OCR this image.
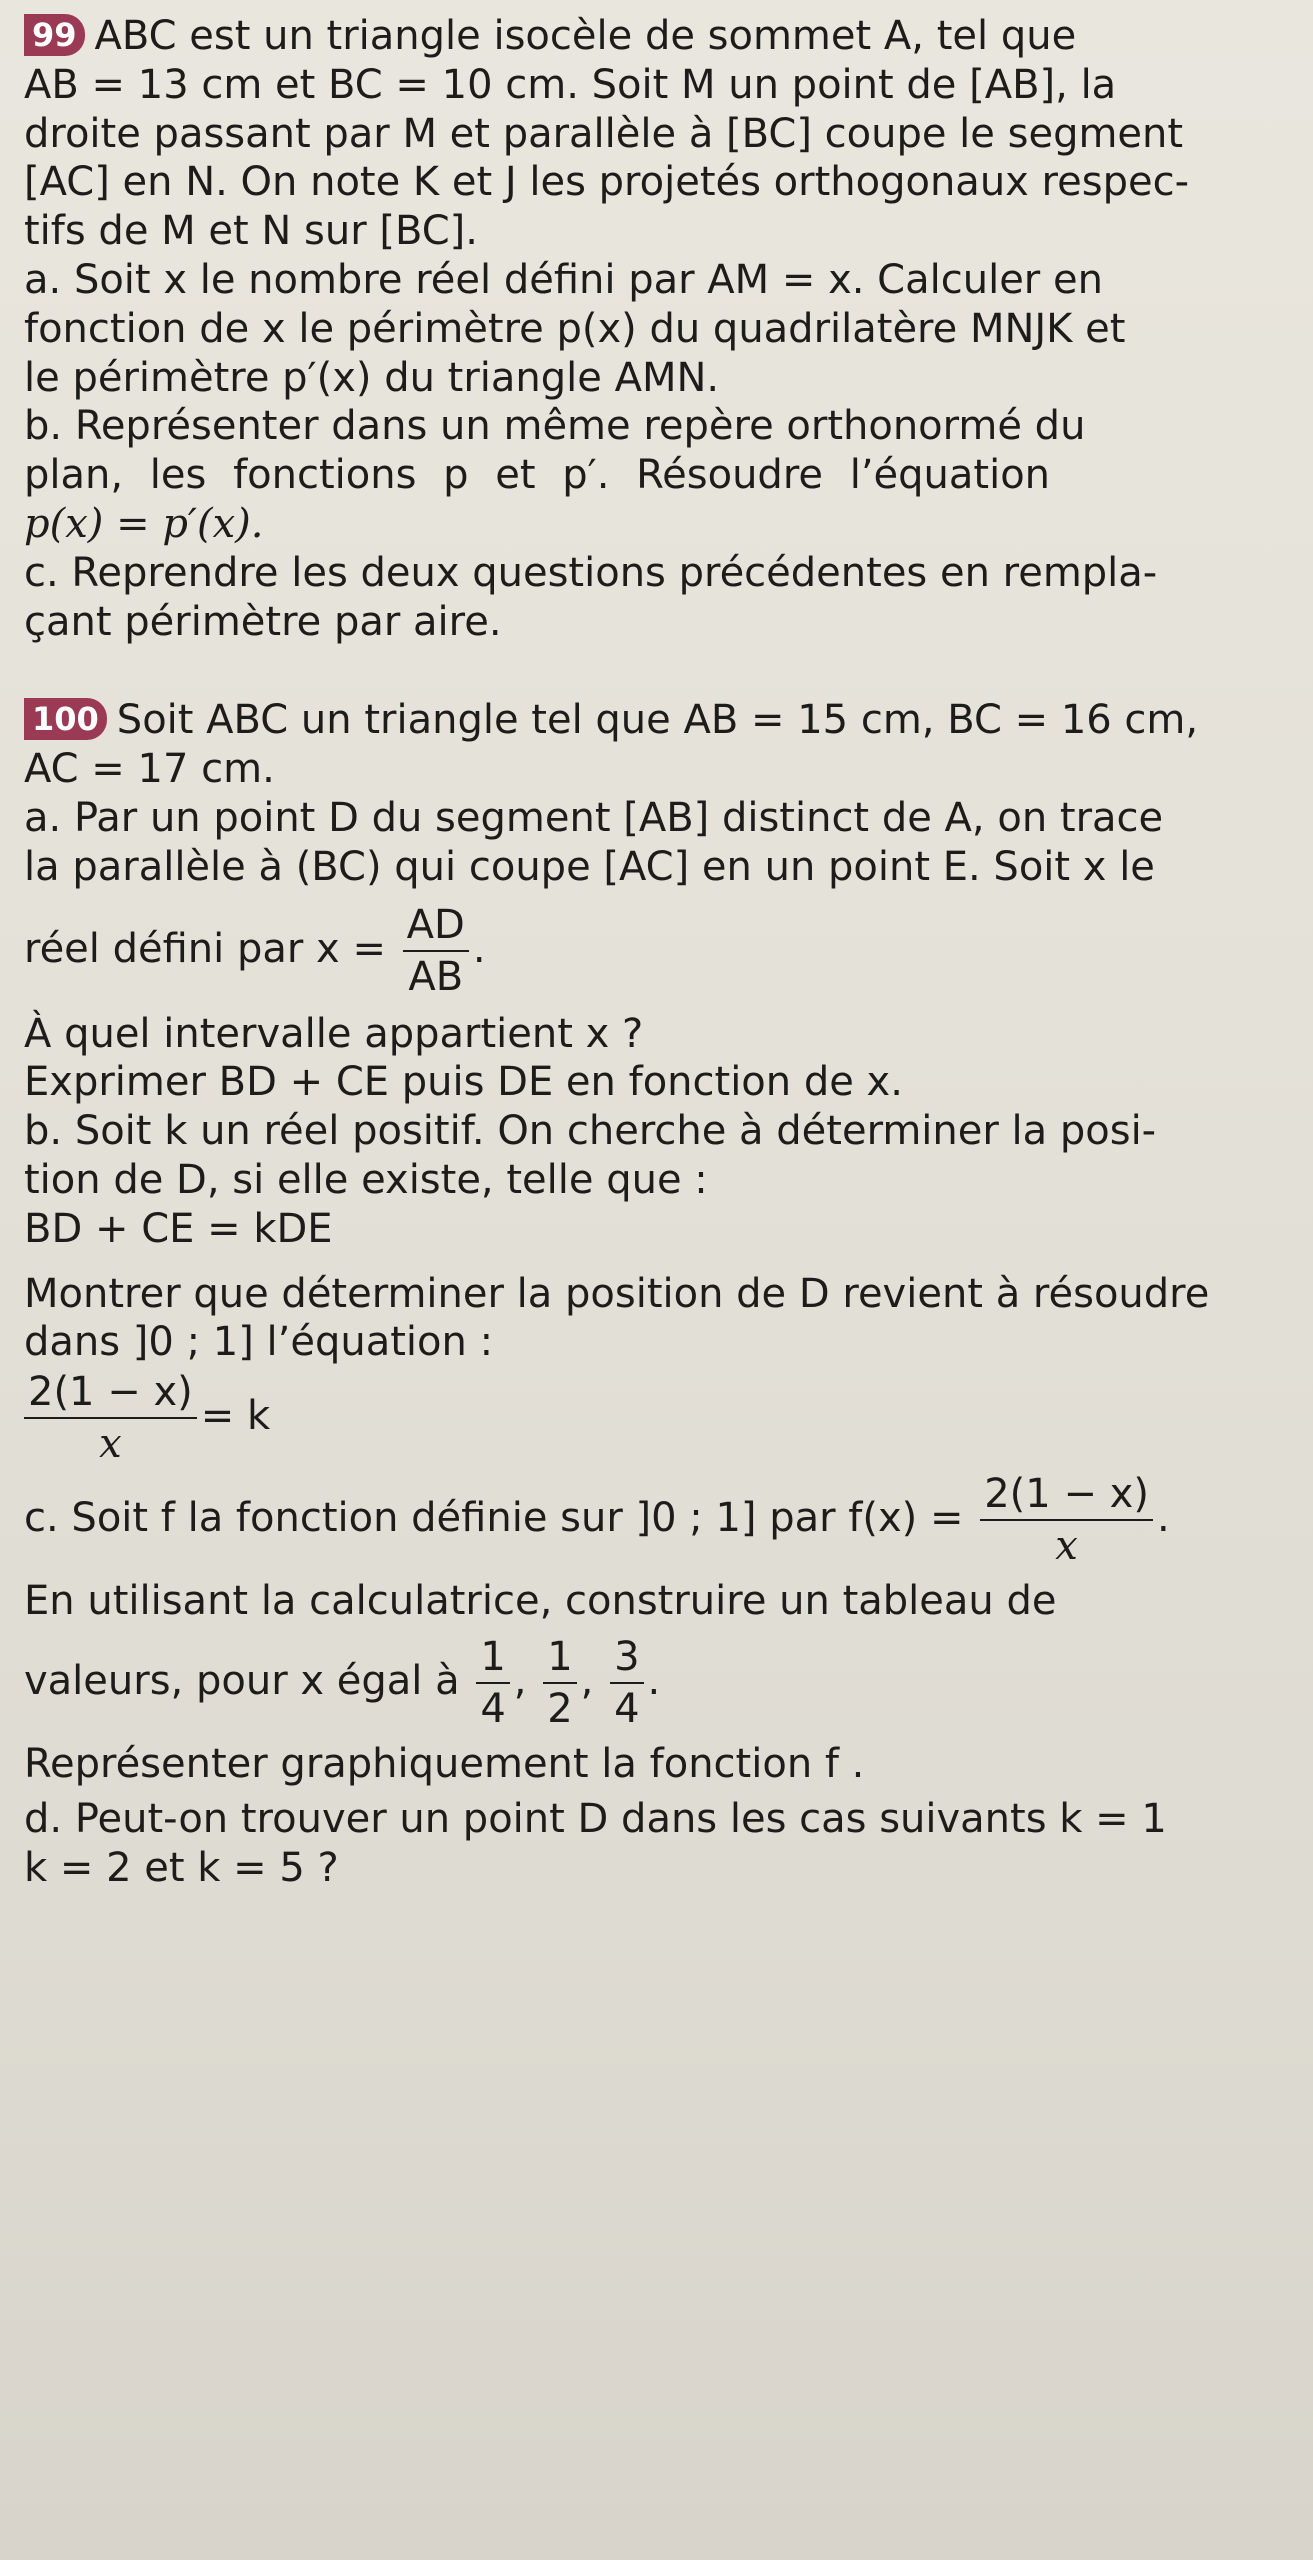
99 ABC est un triangle isocèle de sommet A, tel que

AB = 13 cm et BC = 10 cm. Soit M un point de [AB], la

droite passant par M et parallèle à [BC] coupe le segment

[AC] en N. On note K et J les projetés orthogonaux respec-

tifs de M et N sur [BC].

a. Soit x le nombre réel défini par AM = x. Calculer en

fonction de x le périmètre p(x) du quadrilatère MNJK et

le périmètre p′(x) du triangle AMN.

b. Représenter dans un même repère orthonormé du

plan, les fonctions p et p′. Résoudre l’équation

p(x) = p′(x).

c. Reprendre les deux questions précédentes en rempla-

çant périmètre par aire.

100 Soit ABC un triangle tel que AB = 15 cm, BC = 16 cm,

AC = 17 cm.

a. Par un point D du segment [AB] distinct de A, on trace

la parallèle à (BC) qui coupe [AC] en un point E. Soit x le

réel défini par $x = \frac{AD}{AB}$ .

À quel intervalle appartient x ?

Exprimer BD + CE puis DE en fonction de x.

b. Soit k un réel positif. On cherche à déterminer la posi-

tion de D, si elle existe, telle que :

BD + CE = kDE

Montrer que déterminer la position de D revient à résoudre

dans ]0 ; 1] l’équation :

$\frac{2(1 - x)}{x} = k$

c. Soit f la fonction définie sur ]0 ; 1] par $f(x) = \frac{2(1 - x)}{x}$ .

En utilisant la calculatrice, construire un tableau de

valeurs, pour x égal à $\frac{1}{4}$ , $\frac{1}{2}$ , $\frac{3}{4}$ .

Représenter graphiquement la fonction f .

d. Peut-on trouver un point D dans les cas suivants k = 1

k = 2 et k = 5 ?
